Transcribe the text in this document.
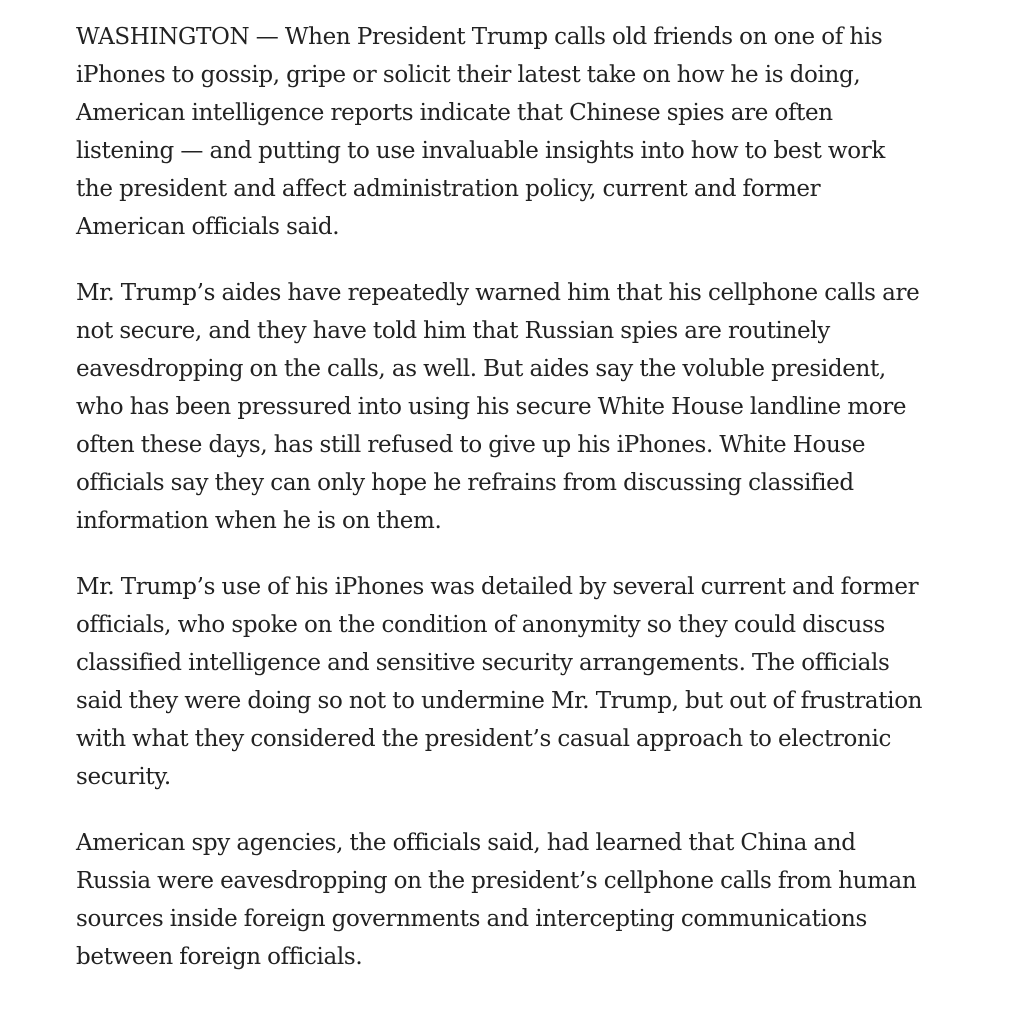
WASHINGTON — When President Trump calls old friends on one of his
iPhones to gossip, gripe or solicit their latest take on how he is doing,
American intelligence reports indicate that Chinese spies are often
listening — and putting to use invaluable insights into how to best work
the president and affect administration policy, current and former
American officials said.

Mr. Trump’s aides have repeatedly warned him that his cellphone calls are
not secure, and they have told him that Russian spies are routinely
eavesdropping on the calls, as well. But aides say the voluble president,
who has been pressured into using his secure White House landline more
often these days, has still refused to give up his iPhones. White House
officials say they can only hope he refrains from discussing classified
information when he is on them.

Mr. Trump’s use of his iPhones was detailed by several current and former
officials, who spoke on the condition of anonymity so they could discuss
classified intelligence and sensitive security arrangements. The officials
said they were doing so not to undermine Mr. Trump, but out of frustration
with what they considered the president’s casual approach to electronic
security.

American spy agencies, the officials said, had learned that China and
Russia were eavesdropping on the president’s cellphone calls from human
sources inside foreign governments and intercepting communications
between foreign officials.
